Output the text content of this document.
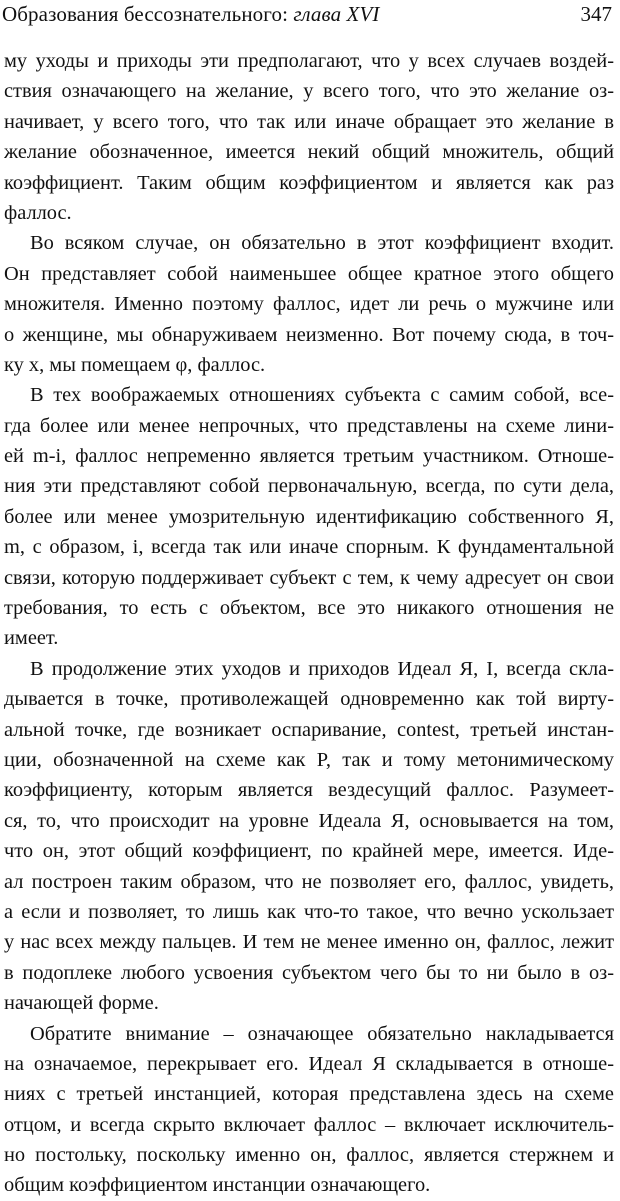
Образования бессознательного: глава XVI	347
му уходы и приходы эти предполагают, что у всех случаев воздей-
ствия означающего на желание, у всего того, что это желание оз-
начивает, у всего того, что так или иначе обращает это желание в
желание обозначенное, имеется некий общий множитель, общий
коэффициент. Таким общим коэффициентом и является как раз
фаллос.
Во всяком случае, он обязательно в этот коэффициент входит.
Он представляет собой наименьшее общее кратное этого общего
множителя. Именно поэтому фаллос, идет ли речь о мужчине или
о женщине, мы обнаруживаем неизменно. Вот почему сюда, в точ-
ку x, мы помещаем φ, фаллос.
В тех воображаемых отношениях субъекта с самим собой, все-
гда более или менее непрочных, что представлены на схеме лини-
ей m-i, фаллос непременно является третьим участником. Отноше-
ния эти представляют собой первоначальную, всегда, по сути дела,
более или менее умозрительную идентификацию собственного Я,
m, с образом, i, всегда так или иначе спорным. К фундаментальной
связи, которую поддерживает субъект с тем, к чему адресует он свои
требования, то есть с объектом, все это никакого отношения не
имеет.
В продолжение этих уходов и приходов Идеал Я, I, всегда скла-
дывается в точке, противолежащей одновременно как той вирту-
альной точке, где возникает оспаривание, contest, третьей инстан-
ции, обозначенной на схеме как P, так и тому метонимическому
коэффициенту, которым является вездесущий фаллос. Разумеет-
ся, то, что происходит на уровне Идеала Я, основывается на том,
что он, этот общий коэффициент, по крайней мере, имеется. Иде-
ал построен таким образом, что не позволяет его, фаллос, увидеть,
а если и позволяет, то лишь как что-то такое, что вечно ускользает
у нас всех между пальцев. И тем не менее именно он, фаллос, лежит
в подоплеке любого усвоения субъектом чего бы то ни было в оз-
начающей форме.
Обратите внимание – означающее обязательно накладывается
на означаемое, перекрывает его. Идеал Я складывается в отноше-
ниях с третьей инстанцией, которая представлена здесь на схеме
отцом, и всегда скрыто включает фаллос – включает исключитель-
но постольку, поскольку именно он, фаллос, является стержнем и
общим коэффициентом инстанции означающего.
